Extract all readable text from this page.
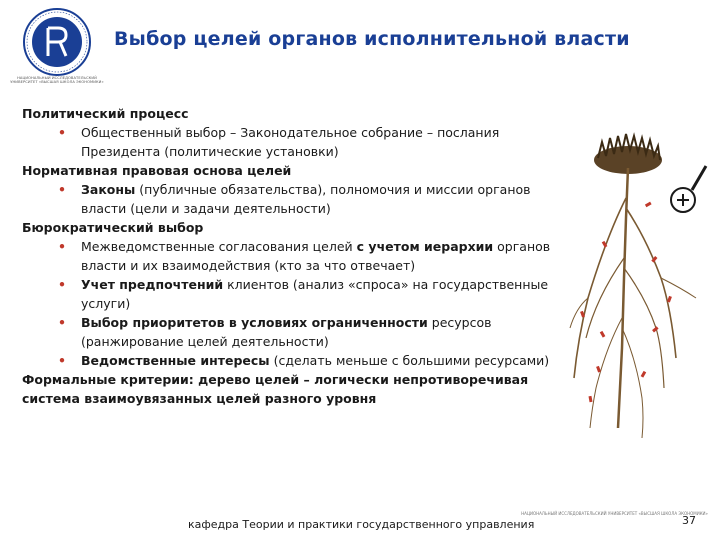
НАЦИОНАЛЬНЫЙ ИССЛЕДОВАТЕЛЬСКИЙ УНИВЕРСИТЕТ «ВЫСШАЯ ШКОЛА ЭКОНОМИКИ»
Выбор целей органов исполнительной власти
Политический процесс
• Общественный выбор – Законодательное собрание – послания Президента (политические установки)
Нормативная правовая основа целей
• Законы (публичные обязательства), полномочия и миссии органов власти (цели и задачи деятельности)
Бюрократический выбор
• Межведомственные согласования целей с учетом иерархии органов власти и их взаимодействия (кто за что отвечает)
• Учет предпочтений клиентов (анализ «спроса» на государственные услуги)
• Выбор приоритетов в условиях ограниченности ресурсов (ранжирование целей деятельности)
• Ведомственные интересы (сделать меньше с большими ресурсами)
Формальные критерии: дерево целей – логически непротиворечивая система взаимоувязанных целей разного уровня
НАЦИОНАЛЬНЫЙ ИССЛЕДОВАТЕЛЬСКИЙ УНИВЕРСИТЕТ «ВЫСШАЯ ШКОЛА ЭКОНОМИКИ»
кафедра Теории и практики государственного управления	37
